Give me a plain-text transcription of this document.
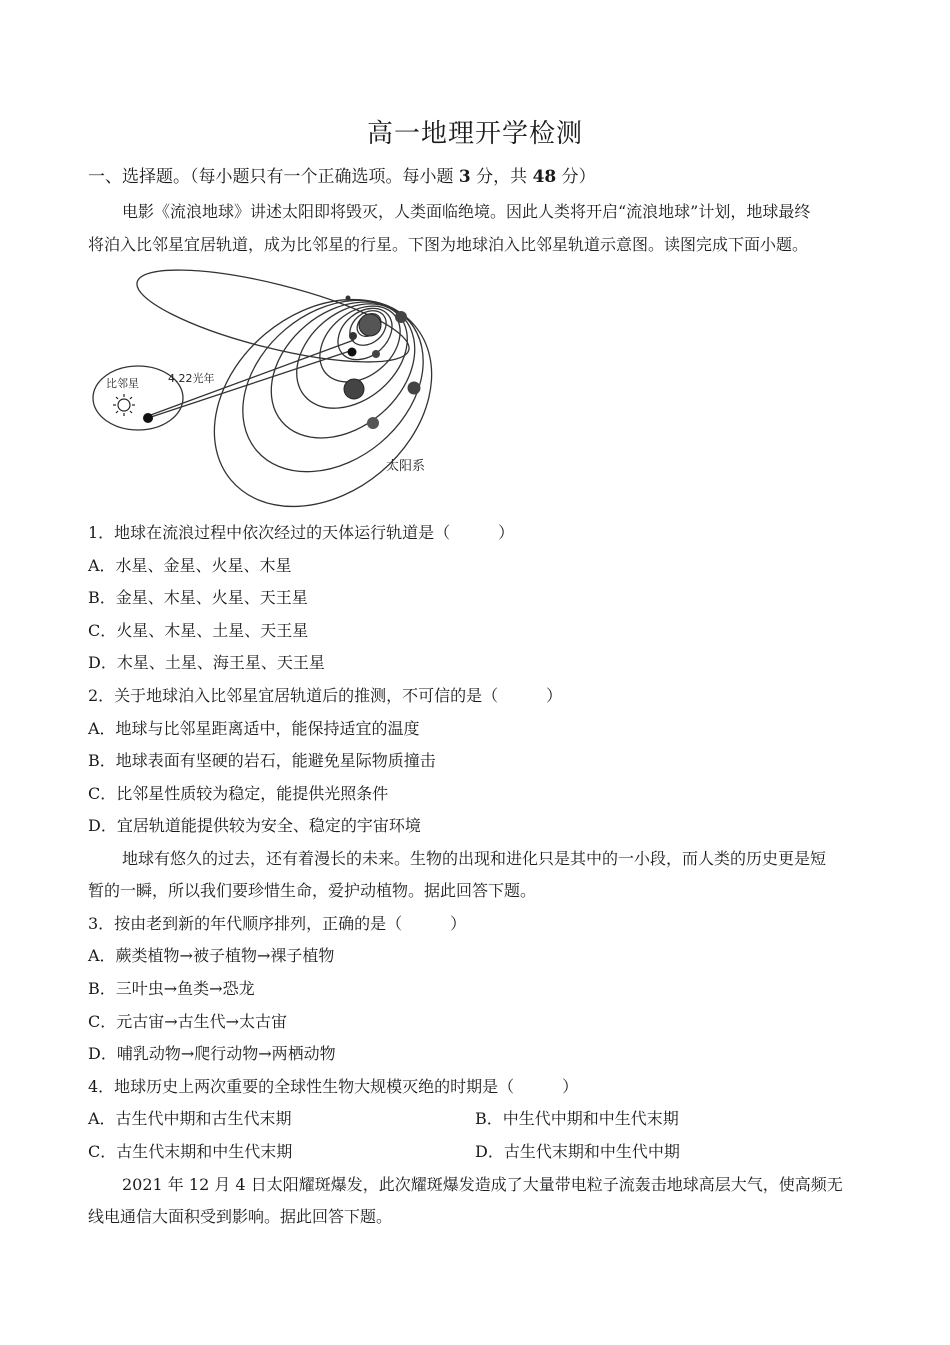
高一地理开学检测
一、选择题。（每小题只有一个正确选项。每小题 3 分，共 48 分）
电影《流浪地球》讲述太阳即将毁灭，人类面临绝境。因此人类将开启“流浪地球”计划，地球最终
将泊入比邻星宜居轨道，成为比邻星的行星。下图为地球泊入比邻星轨道示意图。读图完成下面小题。
比邻星	4.22光年
太阳系
1．地球在流浪过程中依次经过的天体运行轨道是（　　　）
A．水星、金星、火星、木星
B．金星、木星、火星、天王星
C．火星、木星、土星、天王星
D．木星、土星、海王星、天王星
2．关于地球泊入比邻星宜居轨道后的推测，不可信的是（　　　）
A．地球与比邻星距离适中，能保持适宜的温度
B．地球表面有坚硬的岩石，能避免星际物质撞击
C．比邻星性质较为稳定，能提供光照条件
D．宜居轨道能提供较为安全、稳定的宇宙环境
地球有悠久的过去，还有着漫长的未来。生物的出现和进化只是其中的一小段，而人类的历史更是短
暂的一瞬，所以我们要珍惜生命，爱护动植物。据此回答下题。
3．按由老到新的年代顺序排列，正确的是（　　　）
A．蕨类植物→被子植物→裸子植物
B．三叶虫→鱼类→恐龙
C．元古宙→古生代→太古宙
D．哺乳动物→爬行动物→两栖动物
4．地球历史上两次重要的全球性生物大规模灭绝的时期是（　　　）
A．古生代中期和古生代末期	B．中生代中期和中生代末期
C．古生代末期和中生代末期	D．古生代末期和中生代中期
2021 年 12 月 4 日太阳耀斑爆发，此次耀斑爆发造成了大量带电粒子流轰击地球高层大气，使高频无
线电通信大面积受到影响。据此回答下题。
